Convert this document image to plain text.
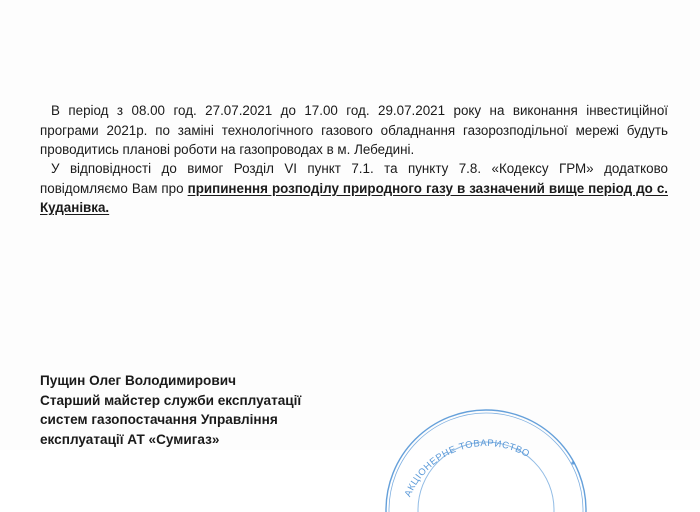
В період з 08.00 год. 27.07.2021 до 17.00 год. 29.07.2021 року на виконання інвестиційної програми 2021р. по заміні технологічного газового обладнання газорозподільної мережі будуть проводитись планові роботи на газопроводах в м. Лебедині.

У відповідності до вимог Розділ VI пункт 7.1. та пункту 7.8. «Кодексу ГРМ» додатково повідомляємо Вам про припинення розподілу природного газу в зазначений вище період до с. Куданівка.

Пущин Олег Володимирович
Старший майстер служби експлуатації
систем газопостачання Управління
експлуатації АТ «Сумигаз»
АКЦІОНЕРНЕ ТОВАРИСТВО
